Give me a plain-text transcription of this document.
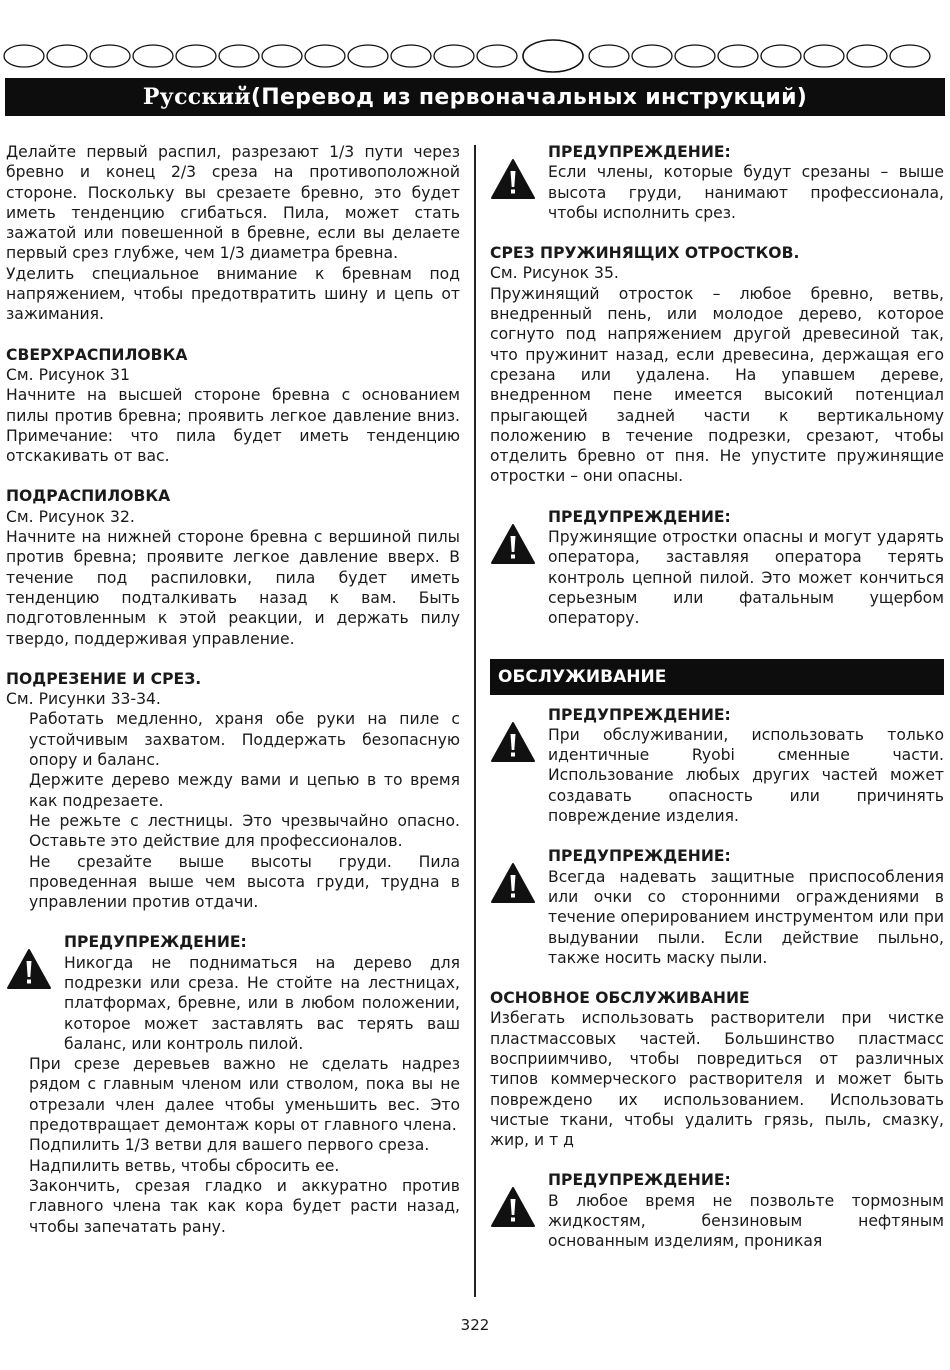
Русский(Перевод из первоначальных инструкций)

Делайте первый распил, разрезают 1/3 пути через бревно и конец 2/3 среза на противоположной стороне. Поскольку вы срезаете бревно, это будет иметь тенденцию сгибаться. Пила, может стать зажатой или повешенной в бревне, если вы делаете первый срез глубже, чем 1/3 диаметра бревна.

Уделить специальное внимание к бревнам под напряжением, чтобы предотвратить шину и цепь от зажимания.

СВЕРХРАСПИЛОВКА

См. Рисунок 31

Начните на высшей стороне бревна с основанием пилы против бревна; проявить легкое давление вниз. Примечание: что пила будет иметь тенденцию отскакивать от вас.

ПОДРАСПИЛОВКА

См. Рисунок 32.

Начните на нижней стороне бревна с вершиной пилы против бревна; проявите легкое давление вверх. В течение под распиловки, пила будет иметь тенденцию подталкивать назад к вам. Быть подготовленным к этой реакции, и держать пилу твердо, поддерживая управление.

ПОДРЕЗЕНИЕ И СРЕЗ.

См. Рисунки 33-34.

Работать медленно, храня обе руки на пиле с устойчивым захватом. Поддержать безопасную опору и баланс.

Держите дерево между вами и цепью в то время как подрезаете.

Не режьте с лестницы. Это чрезвычайно опасно. Оставьте это действие для профессионалов.

Не срезайте выше высоты груди. Пила проведенная выше чем высота груди, трудна в управлении против отдачи.

ПРЕДУПРЕЖДЕНИЕ:

Никогда не подниматься на дерево для подрезки или среза. Не стойте на лестницах, платформах, бревне, или в любом положении, которое может заставлять вас терять ваш баланс, или контроль пилой.

При срезе деревьев важно не сделать надрез рядом с главным членом или стволом, пока вы не отрезали член далее чтобы уменьшить вес. Это предотвращает демонтаж коры от главного члена.

Подпилить 1/3 ветви для вашего первого среза.

Надпилить ветвь, чтобы сбросить ее.

Закончить, срезая гладко и аккуратно против главного члена так как кора будет расти назад, чтобы запечатать рану.

ПРЕДУПРЕЖДЕНИЕ:

Если члены, которые будут срезаны – выше высота груди, нанимают профессионала, чтобы исполнить срез.

СРЕЗ ПРУЖИНЯЩИХ ОТРОСТКОВ.

См. Рисунок 35.

Пружинящий отросток – любое бревно, ветвь, внедренный пень, или молодое дерево, которое согнуто под напряжением другой древесиной так, что пружинит назад, если древесина, держащая его срезана или удалена. На упавшем дереве, внедренном пене имеется высокий потенциал прыгающей задней части к вертикальному положению в течение подрезки, срезают, чтобы отделить бревно от пня. Не упустите пружинящие отростки – они опасны.

ПРЕДУПРЕЖДЕНИЕ:

Пружинящие отростки опасны и могут ударять оператора, заставляя оператора терять контроль цепной пилой. Это может кончиться серьезным или фатальным ущербом оператору.

ОБСЛУЖИВАНИЕ

ПРЕДУПРЕЖДЕНИЕ:

При обслуживании, использовать только идентичные Ryobi сменные части. Использование любых других частей может создавать опасность или причинять повреждение изделия.

ПРЕДУПРЕЖДЕНИЕ:

Всегда надевать защитные приспособления или очки со сторонними ограждениями в течение оперированием инструментом или при выдувании пыли. Если действие пыльно, также носить маску пыли.

ОСНОВНОЕ ОБСЛУЖИВАНИЕ

Избегать использовать растворители при чистке пластмассовых частей. Большинство пластмасс восприимчиво, чтобы повредиться от различных типов коммерческого растворителя и может быть повреждено их использованием. Использовать чистые ткани, чтобы удалить грязь, пыль, смазку, жир, и т д

ПРЕДУПРЕЖДЕНИЕ:

В любое время не позвольте тормозным жидкостям, бензиновым нефтяным основанным изделиям, проникая

322
